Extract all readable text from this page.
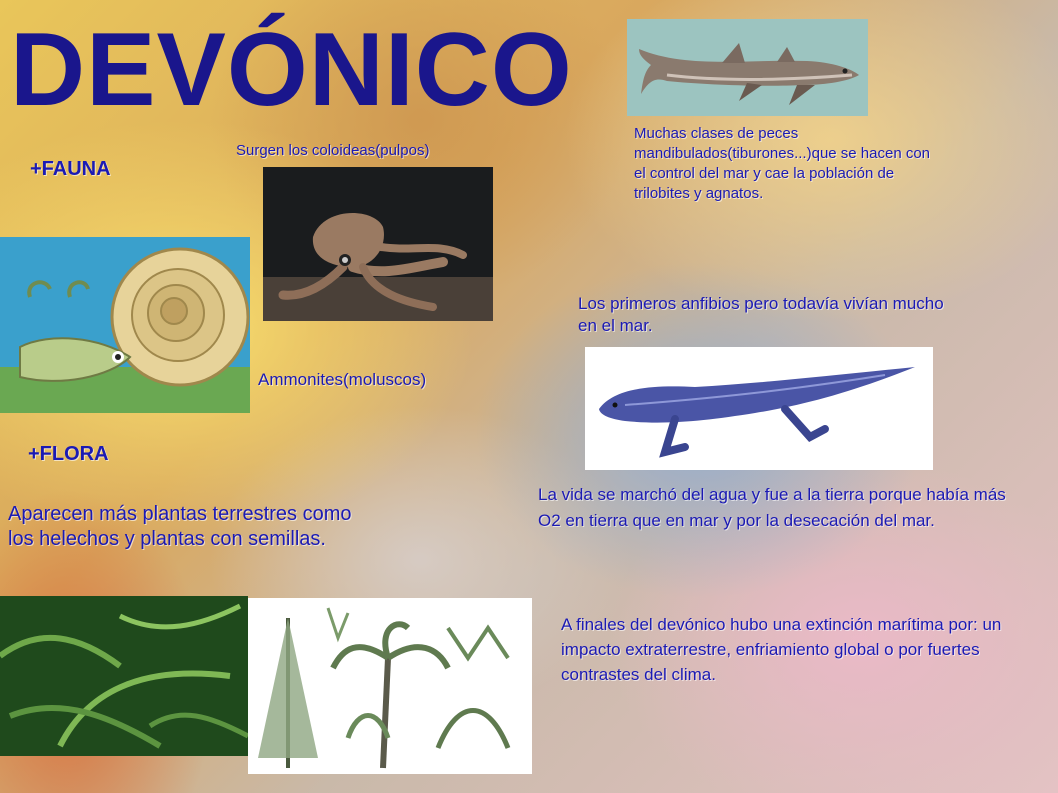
DEVÓNICO
Muchas clases de peces mandibulados(tiburones...)que se hacen con el control del mar y cae la población de trilobites y agnatos.
+FAUNA
Surgen los coloideas(pulpos)
Los primeros anfibios pero todavía vivían mucho en el mar.
Ammonites(moluscos)
+FLORA
La vida se marchó del agua y fue a la tierra porque había más O2 en tierra que en mar y por la desecación del mar.
Aparecen más plantas terrestres como los helechos y plantas con semillas.
A finales del devónico hubo una extinción marítima por: un impacto extraterrestre, enfriamiento global o por fuertes contrastes del clima.
